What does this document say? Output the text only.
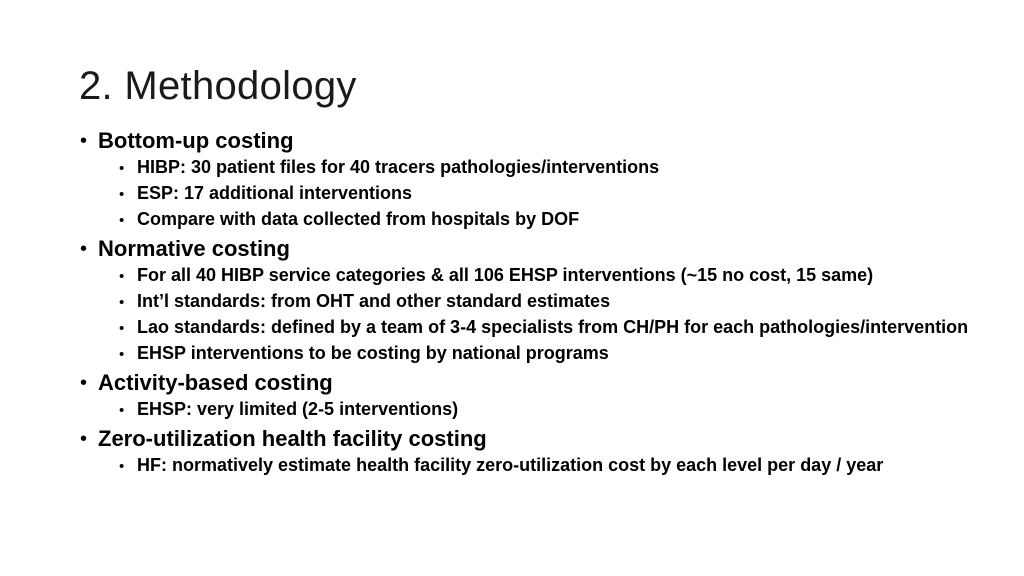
2. Methodology
• Bottom-up costing
• HIBP: 30 patient files for 40 tracers pathologies/interventions
• ESP: 17 additional interventions
• Compare with data collected from hospitals by DOF
• Normative costing
• For all 40 HIBP service categories & all 106 EHSP interventions (~15 no cost, 15 same)
• Int’l standards: from OHT and other standard estimates
• Lao standards: defined by a team of 3-4 specialists from CH/PH for each pathologies/intervention
• EHSP interventions to be costing by national programs
• Activity-based costing
• EHSP: very limited (2-5 interventions)
• Zero-utilization health facility costing
• HF: normatively estimate health facility zero-utilization cost by each level per day / year
